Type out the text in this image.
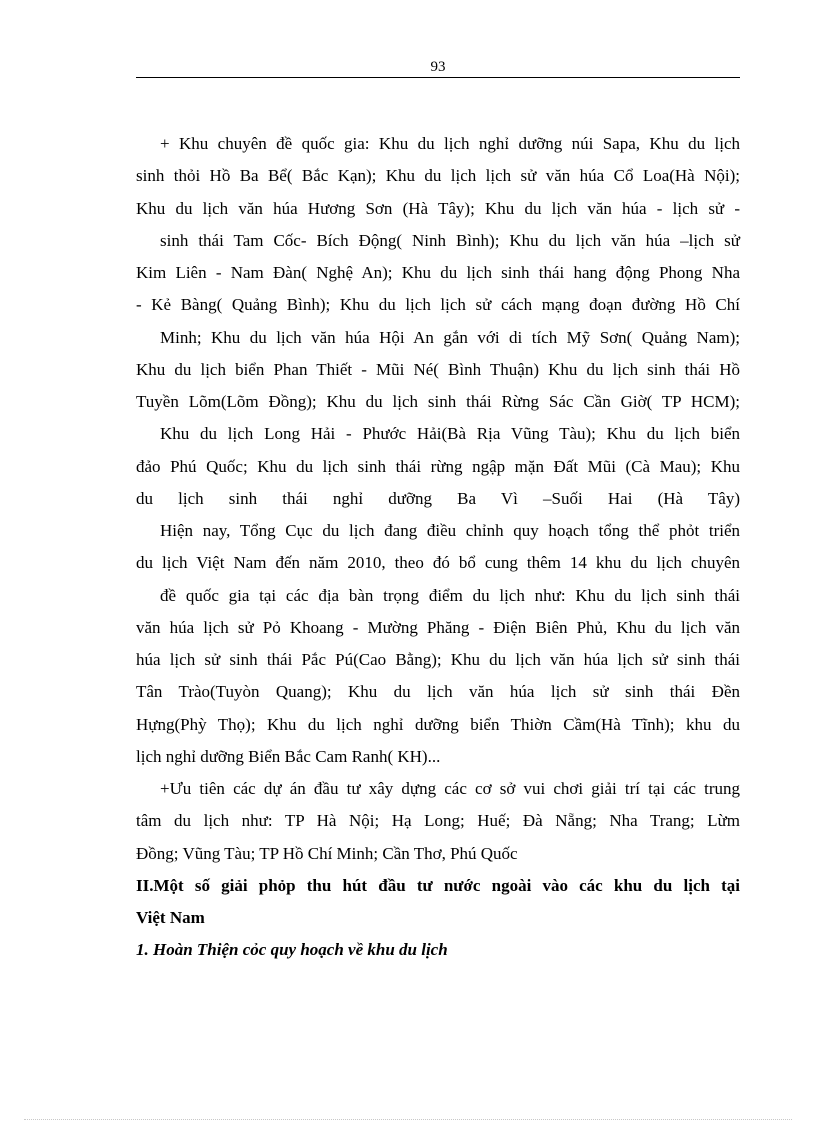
93
+ Khu chuyên đề quốc gia: Khu du lịch nghỉ dưỡng núi Sapa, Khu du lịch
sinh thỏi Hồ Ba Bể( Bắc Kạn); Khu du lịch lịch sử văn húa Cổ Loa(Hà Nội);
Khu du lịch văn húa Hương Sơn (Hà Tây); Khu du lịch văn húa - lịch sử -
sinh thái Tam Cốc- Bích Động( Ninh Bình); Khu du lịch văn húa –lịch sử
Kim Liên - Nam Đàn( Nghệ An); Khu du lịch sinh thái hang động Phong Nha
- Kẻ Bàng( Quảng Bình); Khu du lịch lịch sử cách mạng đoạn đường Hồ Chí
Minh; Khu du lịch văn húa Hội An gắn với di tích Mỹ Sơn( Quảng Nam);
Khu du lịch biển Phan Thiết - Mũi Né( Bình Thuận) Khu du lịch sinh thái Hồ
Tuyền Lõm(Lõm Đồng); Khu du lịch sinh thái Rừng Sác Cần Giờ( TP HCM);
Khu du lịch Long Hải - Phước Hải(Bà Rịa Vũng Tàu); Khu du lịch biển
đảo Phú Quốc; Khu du lịch sinh thái rừng ngập mặn Đất Mũi (Cà Mau); Khu
du lịch sinh thái nghỉ dưỡng Ba Vì –Suối Hai (Hà Tây)
Hiện nay, Tổng Cục du lịch đang điều chỉnh quy hoạch tổng thể phỏt triển
du lịch Việt Nam đến năm 2010, theo đó bổ cung thêm 14 khu du lịch chuyên
đề quốc gia tại các địa bàn trọng điểm du lịch như: Khu du lịch sinh thái
văn húa lịch sử Pỏ Khoang - Mường Phăng - Điện Biên Phủ, Khu du lịch văn
húa lịch sử sinh thái Pắc Pú(Cao Bằng); Khu du lịch văn húa lịch sử sinh thái
Tân Trào(Tuyòn Quang); Khu du lịch văn húa lịch sử sinh thái Đền
Hựng(Phỳ Thọ); Khu du lịch nghỉ dưỡng biển Thiờn Cầm(Hà Tĩnh); khu du
lịch nghỉ dưỡng Biển Bắc Cam Ranh( KH)...
+Ưu tiên các dự án đầu tư xây dựng các cơ sở vui chơi giải trí tại các trung
tâm du lịch như: TP Hà Nội; Hạ Long; Huế; Đà Nẵng; Nha Trang; Lừm
Đồng; Vũng Tàu; TP Hồ Chí Minh; Cần Thơ, Phú Quốc
II.Một số giải phỏp thu hút đầu tư nước ngoài vào các khu du lịch tại
Việt Nam
1. Hoàn Thiện cỏc quy hoạch về khu du lịch
